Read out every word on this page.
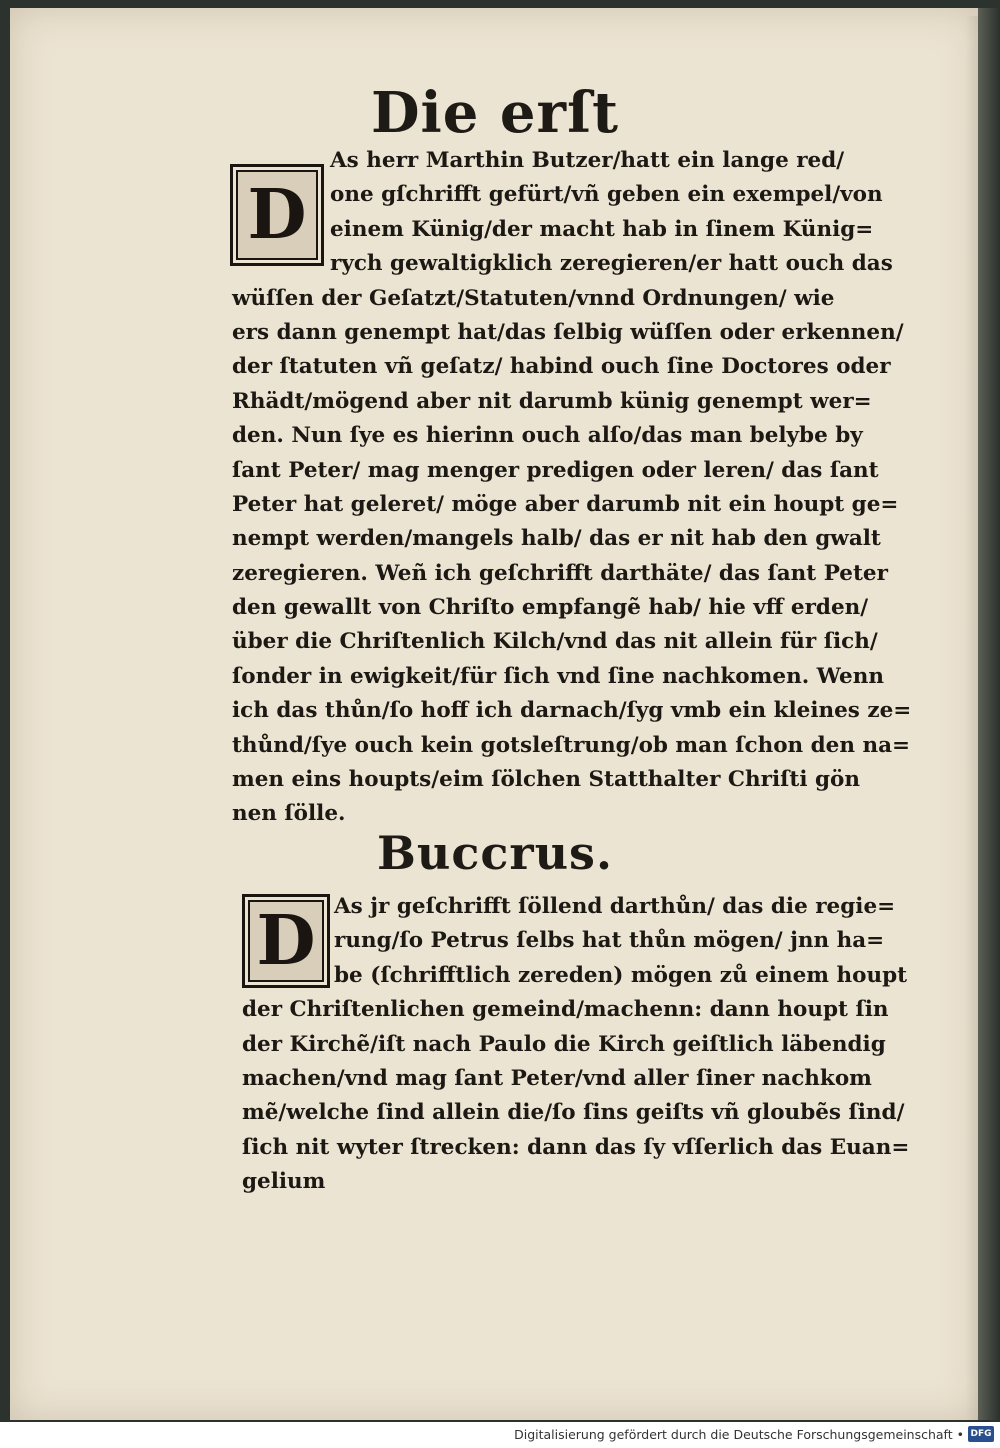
Die erſt
D
As herr Marthin Butzer/hatt ein lange red/
one gſchrifft gefürt/vñ geben ein exempel/von
einem Künig/der macht hab in ſinem Künig=
rych gewaltigklich zeregieren/er hatt ouch das
wüſſen der Geſatzt/Statuten/vnnd Ordnungen/ wie
ers dann genempt hat/das ſelbig wüſſen oder erkennen/
der ſtatuten vñ geſatz/ habind ouch ſine Doctores oder
Rhädt/mögend aber nit darumb künig genempt wer=
den. Nun ſye es hierinn ouch alſo/das man belybe by
ſant Peter/ mag menger predigen oder leren/ das ſant
Peter hat geleret/ möge aber darumb nit ein houpt ge=
nempt werden/mangels halb/ das er nit hab den gwalt
zeregieren. Weñ ich geſchrifft darthäte/ das ſant Peter
den gewallt von Chriſto empfangẽ hab/ hie vff erden/
über die Chriſtenlich Kilch/vnd das nit allein für ſich/
ſonder in ewigkeit/für ſich vnd ſine nachkomen. Wenn
ich das thůn/ſo hoff ich darnach/ſyg vmb ein kleines ze=
thůnd/ſye ouch kein gotsleſtrung/ob man ſchon den na=
men eins houpts/eim ſölchen Statthalter Chriſti gön
nen ſölle.
Buccrus.
D As jr geſchrifft ſöllend darthůn/ das die regie=
rung/ſo Petrus ſelbs hat thůn mögen/ jnn ha=
be (ſchrifftlich zereden) mögen zů einem houpt
der Chriſtenlichen gemeind/machenn: dann houpt ſin
der Kirchẽ/iſt nach Paulo die Kirch geiſtlich läbendig
machen/vnd mag ſant Peter/vnd aller ſiner nachkom
mẽ/welche ſind allein die/ſo ſins geiſts vñ gloubẽs ſind/
ſich nit wyter ſtrecken: dann das ſy vſſerlich das Euan=
gelium
Digitalisierung gefördert durch die Deutsche Forschungsgemeinschaft • DFG
